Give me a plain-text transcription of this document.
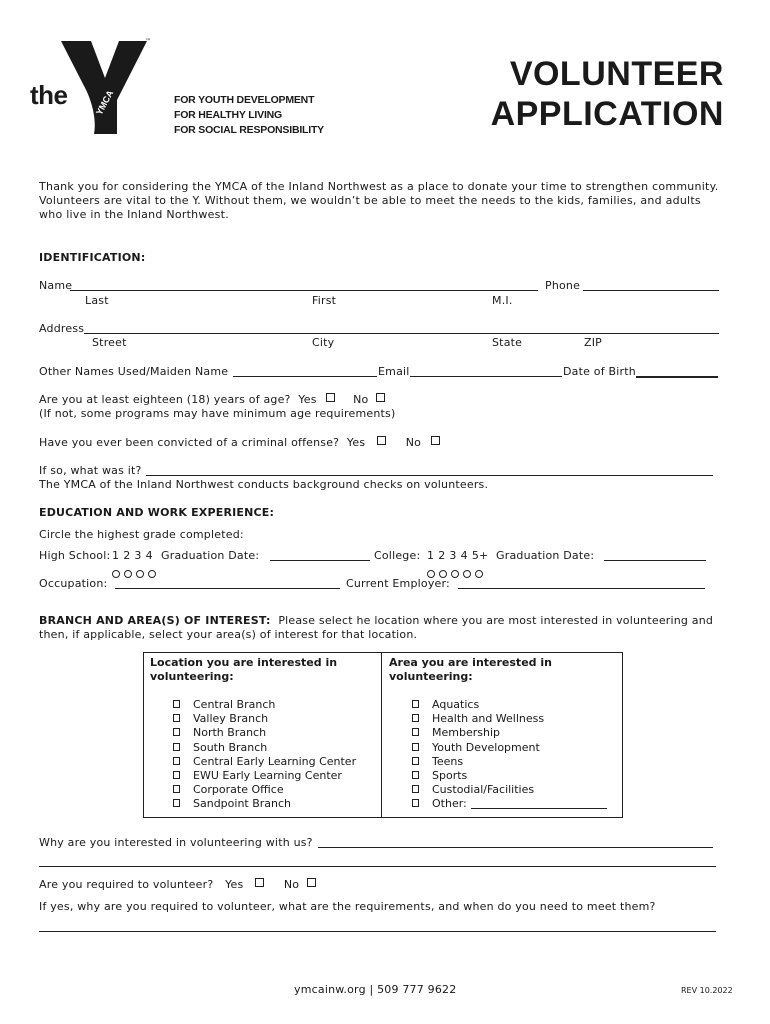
the
™
YMCA	FOR YOUTH DEVELOPMENT
FOR HEALTHY LIVING
FOR SOCIAL RESPONSIBILITY
VOLUNTEER
APPLICATION
Thank you for considering the YMCA of the Inland Northwest as a place to donate your time to strengthen community.
Volunteers are vital to the Y. Without them, we wouldn’t be able to meet the needs to the kids, families, and adults
who live in the Inland Northwest.
IDENTIFICATION:
Name	Phone
Last	First	M.I.
Address
Street	City	State	ZIP
Other Names Used/Maiden Name	Email	Date of Birth
Are you at least eighteen (18) years of age? Yes	No
(If not, some programs may have minimum age requirements)
Have you ever been convicted of a criminal offense? Yes	No
If so, what was it?
The YMCA of the Inland Northwest conducts background checks on volunteers.
EDUCATION AND WORK EXPERIENCE:
Circle the highest grade completed:
High School: 1 2 3 4 Graduation Date:	College: 1 2 3 4 5+ Graduation Date:
Occupation:	Current Employer:
BRANCH AND AREA(S) OF INTEREST: Please select he location where you are most interested in volunteering and
then, if applicable, select your area(s) of interest for that location.
Location you are interested in
volunteering:
Area you are interested in
volunteering:
Central Branch
Valley Branch
North Branch
South Branch
Central Early Learning Center
EWU Early Learning Center
Corporate Office
Sandpoint Branch
Aquatics
Health and Wellness
Membership
Youth Development
Teens
Sports
Custodial/Facilities
Other:
Why are you interested in volunteering with us?
Are you required to volunteer? Yes	No
If yes, why are you required to volunteer, what are the requirements, and when do you need to meet them?
ymcainw.org | 509 777 9622	REV 10.2022
